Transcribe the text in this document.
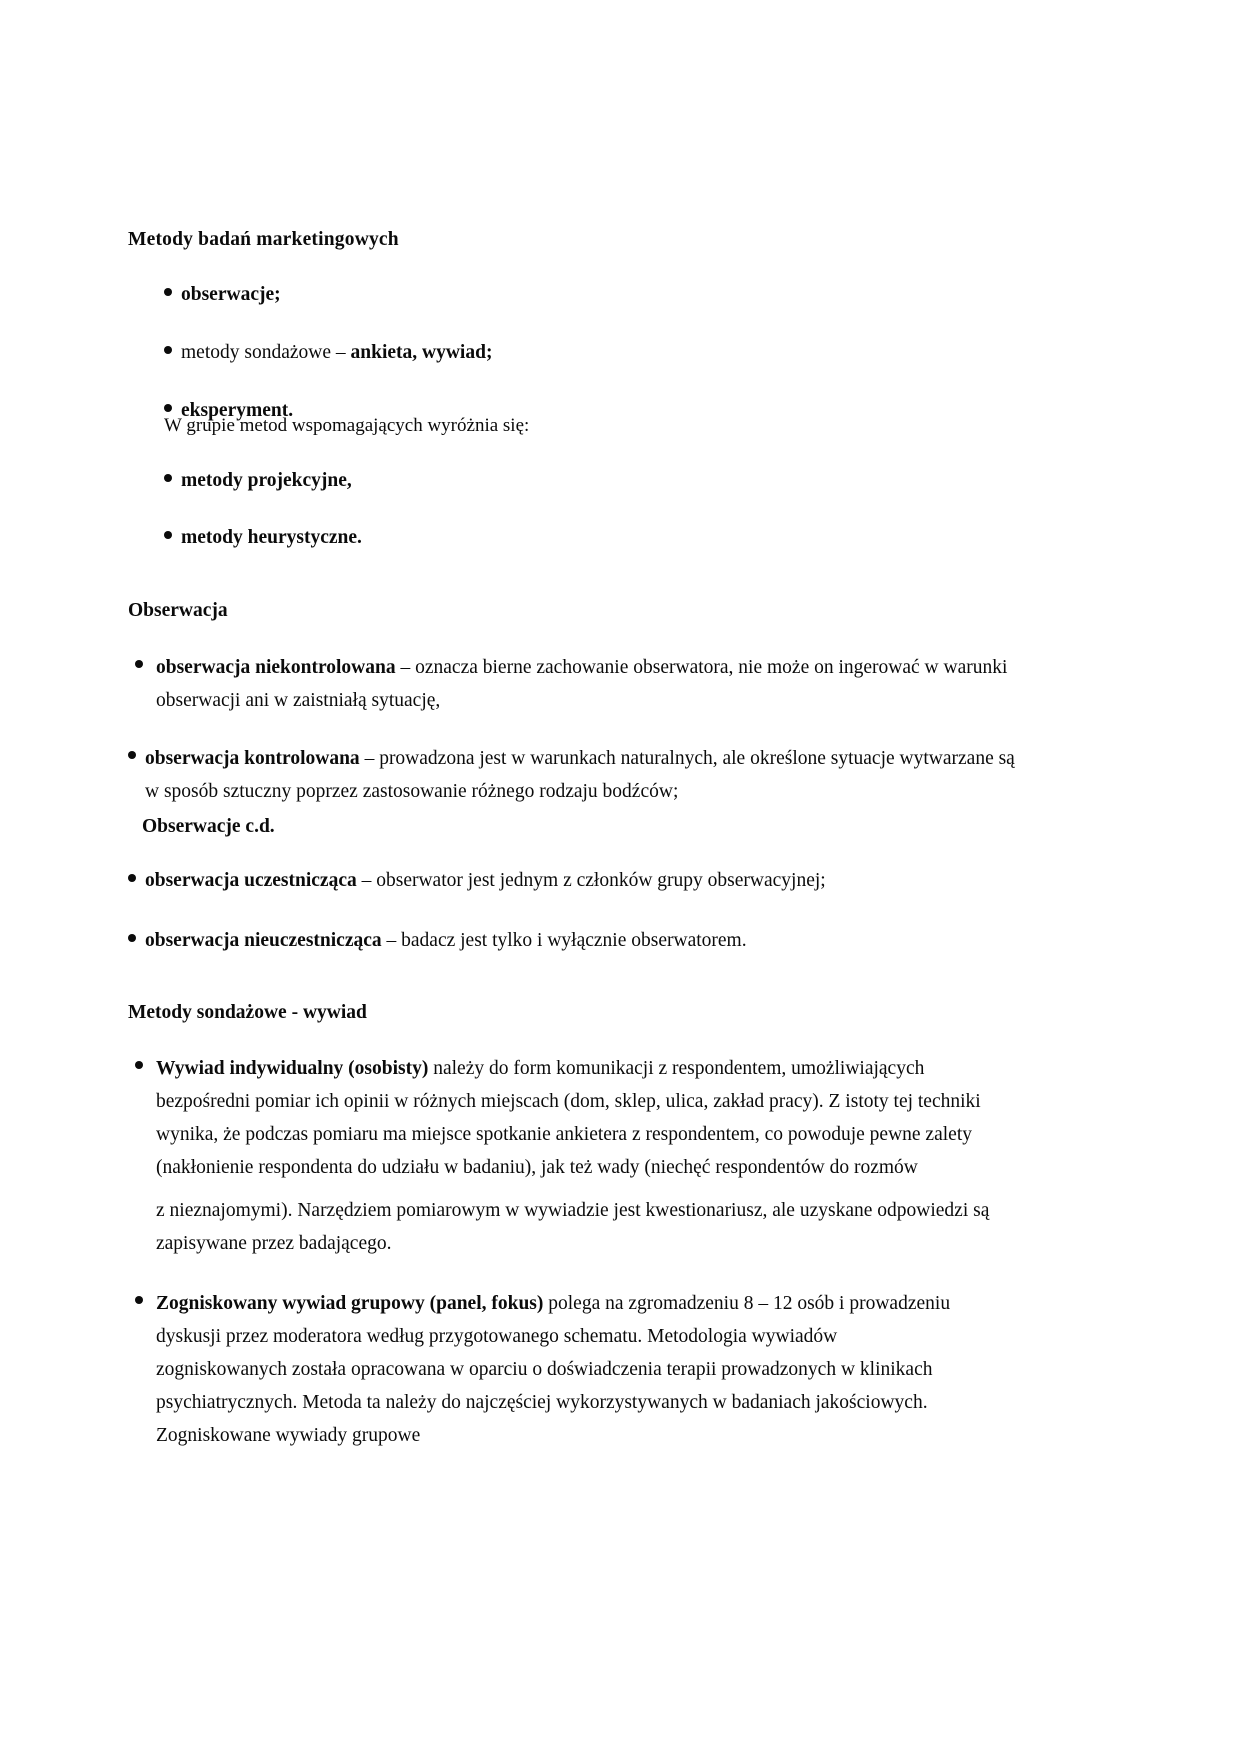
Metody badań marketingowych
obserwacje;
metody sondażowe – ankieta, wywiad;
eksperyment.
W grupie metod wspomagających wyróżnia się:
metody projekcyjne,
metody heurystyczne.
Obserwacja
obserwacja niekontrolowana – oznacza bierne zachowanie obserwatora, nie może on ingerować w warunki obserwacji ani w zaistniałą sytuację,
obserwacja kontrolowana – prowadzona jest w warunkach naturalnych, ale określone sytuacje wytwarzane są w sposób sztuczny poprzez zastosowanie różnego rodzaju bodźców;
Obserwacje c.d.
obserwacja uczestnicząca – obserwator jest jednym z członków grupy obserwacyjnej;
obserwacja nieuczestnicząca – badacz jest tylko i wyłącznie obserwatorem.
Metody sondażowe - wywiad
Wywiad indywidualny (osobisty) należy do form komunikacji z respondentem, umożliwiających bezpośredni pomiar ich opinii w różnych miejscach (dom, sklep, ulica, zakład pracy). Z istoty tej techniki wynika, że podczas pomiaru ma miejsce spotkanie ankietera z respondentem, co powoduje pewne zalety (nakłonienie respondenta do udziału w badaniu), jak też wady (niechęć respondentów do rozmów
z nieznajomymi). Narzędziem pomiarowym w wywiadzie jest kwestionariusz, ale uzyskane odpowiedzi są zapisywane przez badającego.
Zogniskowany wywiad grupowy (panel, fokus) polega na zgromadzeniu 8 – 12 osób i prowadzeniu dyskusji przez moderatora według przygotowanego schematu. Metodologia wywiadów zogniskowanych została opracowana w oparciu o doświadczenia terapii prowadzonych w klinikach psychiatrycznych. Metoda ta należy do najczęściej wykorzystywanych w badaniach jakościowych. Zogniskowane wywiady grupowe
